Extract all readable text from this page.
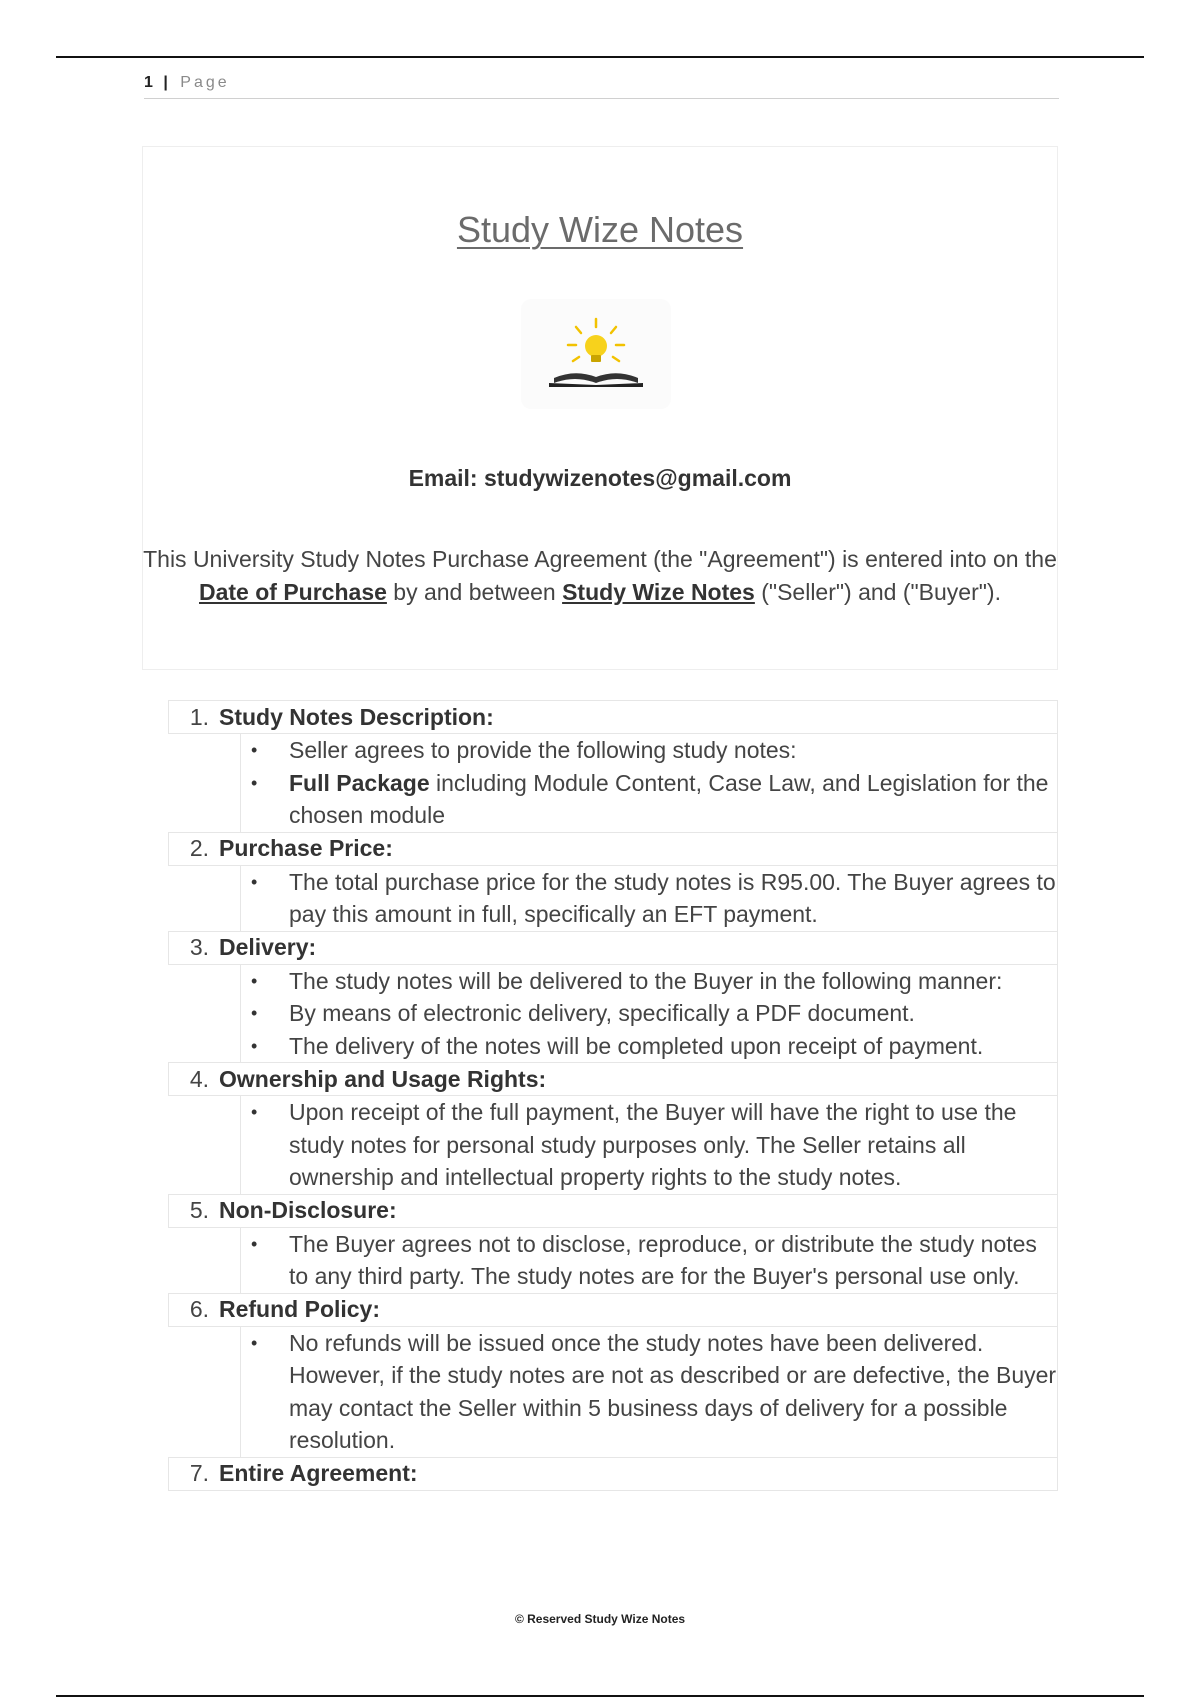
1 | Page
Study Wize Notes
Email: studywizenotes@gmail.com
This University Study Notes Purchase Agreement (the "Agreement") is entered into on the Date of Purchase by and between Study Wize Notes ("Seller") and ("Buyer").
1. Study Notes Description:
• Seller agrees to provide the following study notes:
• Full Package including Module Content, Case Law, and Legislation for the chosen module
2. Purchase Price:
• The total purchase price for the study notes is R95.00. The Buyer agrees to pay this amount in full, specifically an EFT payment.
3. Delivery:
• The study notes will be delivered to the Buyer in the following manner:
• By means of electronic delivery, specifically a PDF document.
• The delivery of the notes will be completed upon receipt of payment.
4. Ownership and Usage Rights:
• Upon receipt of the full payment, the Buyer will have the right to use the study notes for personal study purposes only. The Seller retains all ownership and intellectual property rights to the study notes.
5. Non-Disclosure:
• The Buyer agrees not to disclose, reproduce, or distribute the study notes to any third party. The study notes are for the Buyer's personal use only.
6. Refund Policy:
• No refunds will be issued once the study notes have been delivered. However, if the study notes are not as described or are defective, the Buyer may contact the Seller within 5 business days of delivery for a possible resolution.
7. Entire Agreement:
© Reserved Study Wize Notes
